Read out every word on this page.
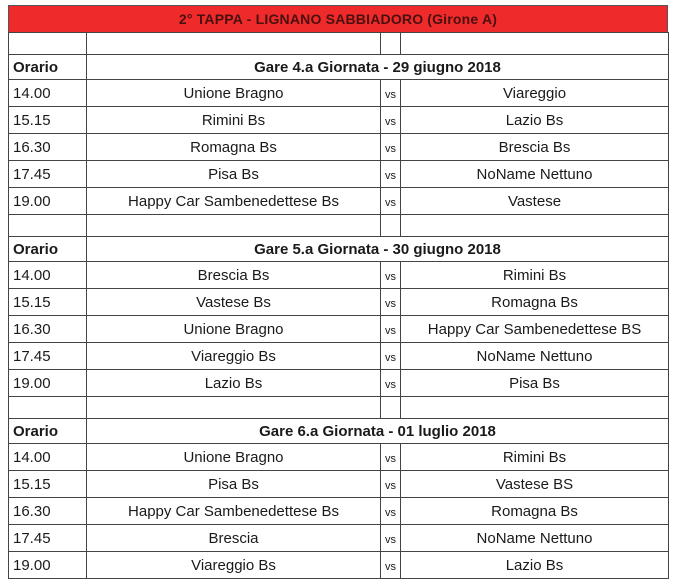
2° TAPPA - LIGNANO SABBIADORO (Girone A)

Orario	Gare 4.a Giornata - 29 giugno 2018		
14.00	Unione Bragno	vs	Viareggio
15.15	Rimini Bs	vs	Lazio Bs
16.30	Romagna Bs	vs	Brescia Bs
17.45	Pisa Bs	vs	NoName Nettuno
19.00	Happy Car Sambenedettese Bs	vs	Vastese

Orario	Gare 5.a Giornata - 30 giugno 2018		
14.00	Brescia Bs	vs	Rimini Bs
15.15	Vastese Bs	vs	Romagna Bs
16.30	Unione Bragno	vs	Happy Car Sambenedettese BS
17.45	Viareggio Bs	vs	NoName Nettuno
19.00	Lazio Bs	vs	Pisa Bs

Orario	Gare 6.a Giornata - 01 luglio 2018		
14.00	Unione Bragno	vs	Rimini Bs
15.15	Pisa Bs	vs	Vastese BS
16.30	Happy Car Sambenedettese Bs	vs	Romagna Bs
17.45	Brescia	vs	NoName Nettuno
19.00	Viareggio Bs	vs	Lazio Bs
